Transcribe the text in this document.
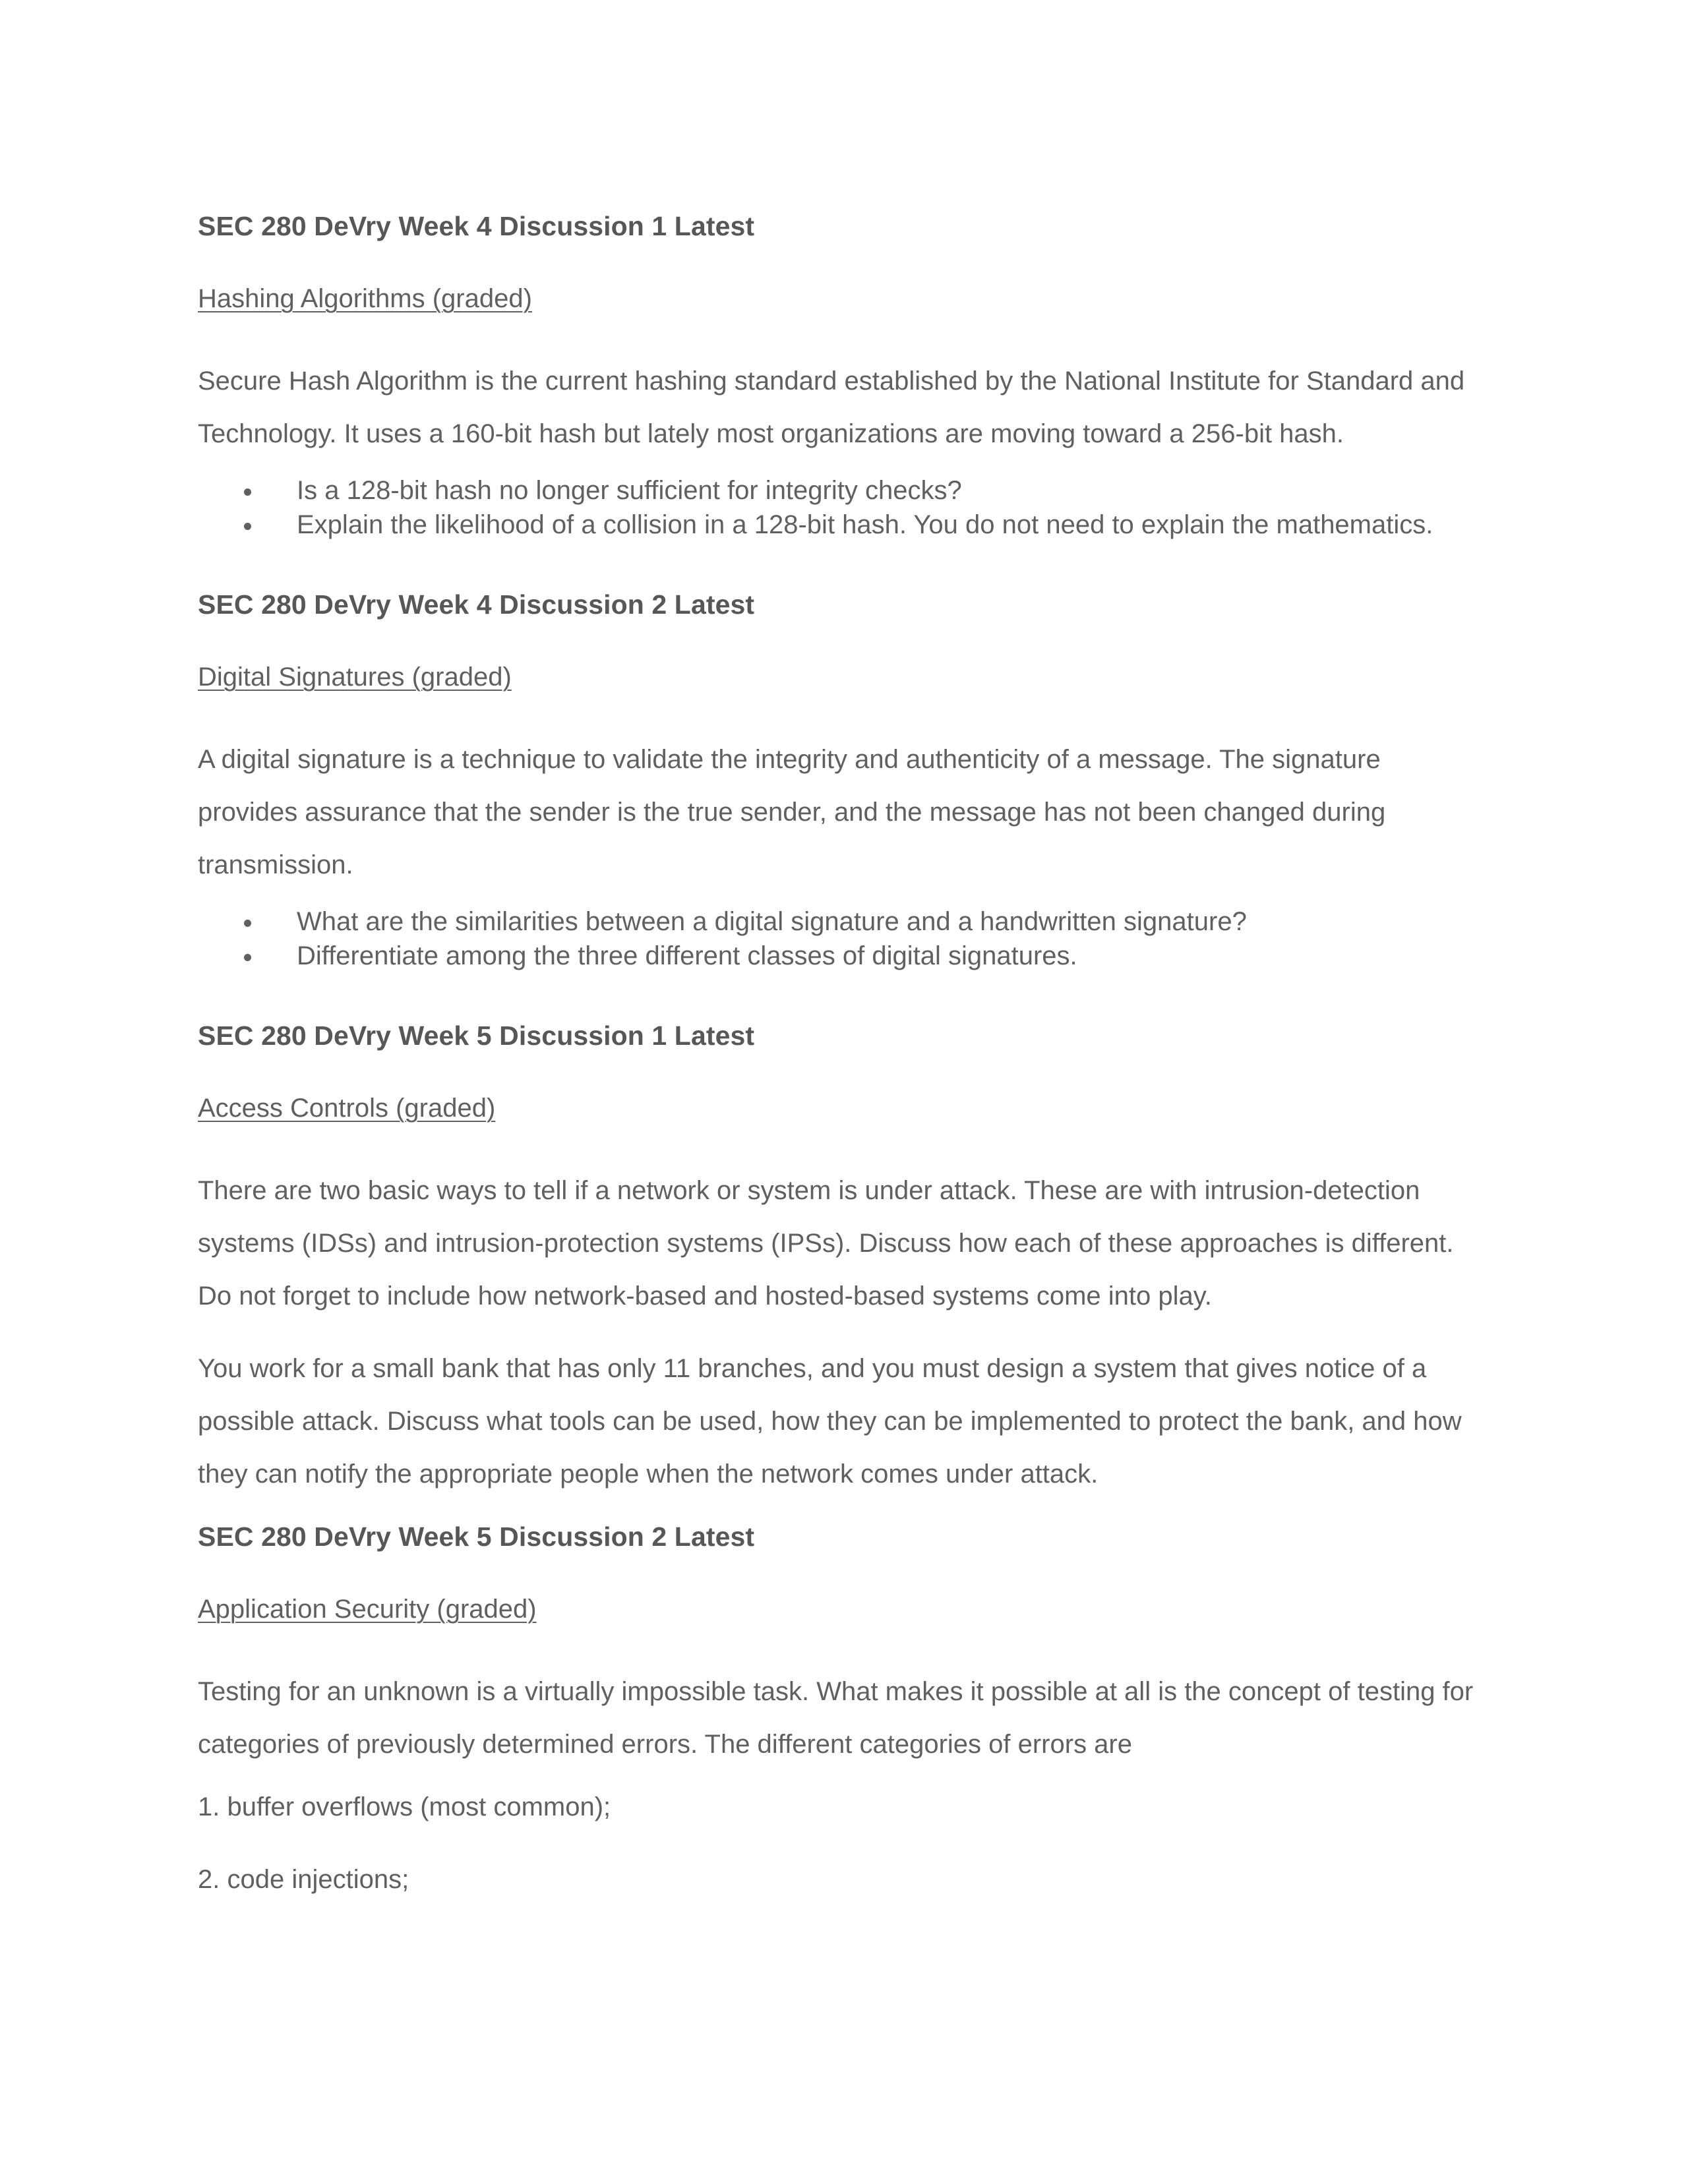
SEC 280 DeVry Week 4 Discussion 1 Latest
Hashing Algorithms (graded)

Secure Hash Algorithm is the current hashing standard established by the National Institute for Standard and Technology. It uses a 160-bit hash but lately most organizations are moving toward a 256-bit hash.

Is a 128-bit hash no longer sufficient for integrity checks?
Explain the likelihood of a collision in a 128-bit hash. You do not need to explain the mathematics.
SEC 280 DeVry Week 4 Discussion 2 Latest
Digital Signatures (graded)

A digital signature is a technique to validate the integrity and authenticity of a message. The signature provides assurance that the sender is the true sender, and the message has not been changed during transmission.

What are the similarities between a digital signature and a handwritten signature?
Differentiate among the three different classes of digital signatures.
SEC 280 DeVry Week 5 Discussion 1 Latest
Access Controls (graded)

There are two basic ways to tell if a network or system is under attack. These are with intrusion-detection systems (IDSs) and intrusion-protection systems (IPSs). Discuss how each of these approaches is different. Do not forget to include how network-based and hosted-based systems come into play.

You work for a small bank that has only 11 branches, and you must design a system that gives notice of a possible attack. Discuss what tools can be used, how they can be implemented to protect the bank, and how they can notify the appropriate people when the network comes under attack.

SEC 280 DeVry Week 5 Discussion 2 Latest
Application Security (graded)

Testing for an unknown is a virtually impossible task. What makes it possible at all is the concept of testing for categories of previously determined errors. The different categories of errors are

1. buffer overflows (most common);
2. code injections;
